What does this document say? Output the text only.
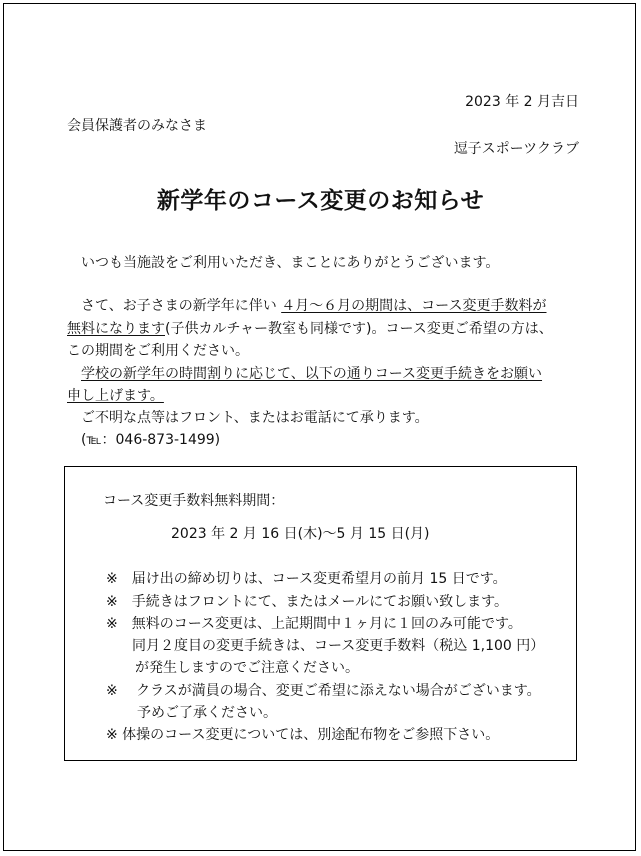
2023 年 2 月吉日
会員保護者のみなさま
逗子スポーツクラブ
新学年のコース変更のお知らせ
いつも当施設をご利用いただき、まことにありがとうございます。
さて、お子さまの新学年に伴い ４月～６月の期間は、コース変更手数料が
無料になります(子供カルチャー教室も同様です)。コース変更ご希望の方は、
この期間をご利用ください。
学校の新学年の時間割りに応じて、以下の通りコース変更手続きをお願い
申し上げます。
ご不明な点等はフロント、またはお電話にて承ります。
(℡：046-873-1499)
コース変更手数料無料期間：
2023 年 2 月 16 日(木)～5 月 15 日(月)
※　届け出の締め切りは、コース変更希望月の前月 15 日です。
※　手続きはフロントにて、またはメールにてお願い致します。
※　無料のコース変更は、上記期間中１ヶ月に１回のみ可能です。
同月２度目の変更手続きは、コース変更手数料（税込 1,100 円）
が発生しますのでご注意ください。
※　 クラスが満員の場合、変更ご希望に添えない場合がございます。
予めご了承ください。
※ 体操のコース変更については、別途配布物をご参照下さい。
